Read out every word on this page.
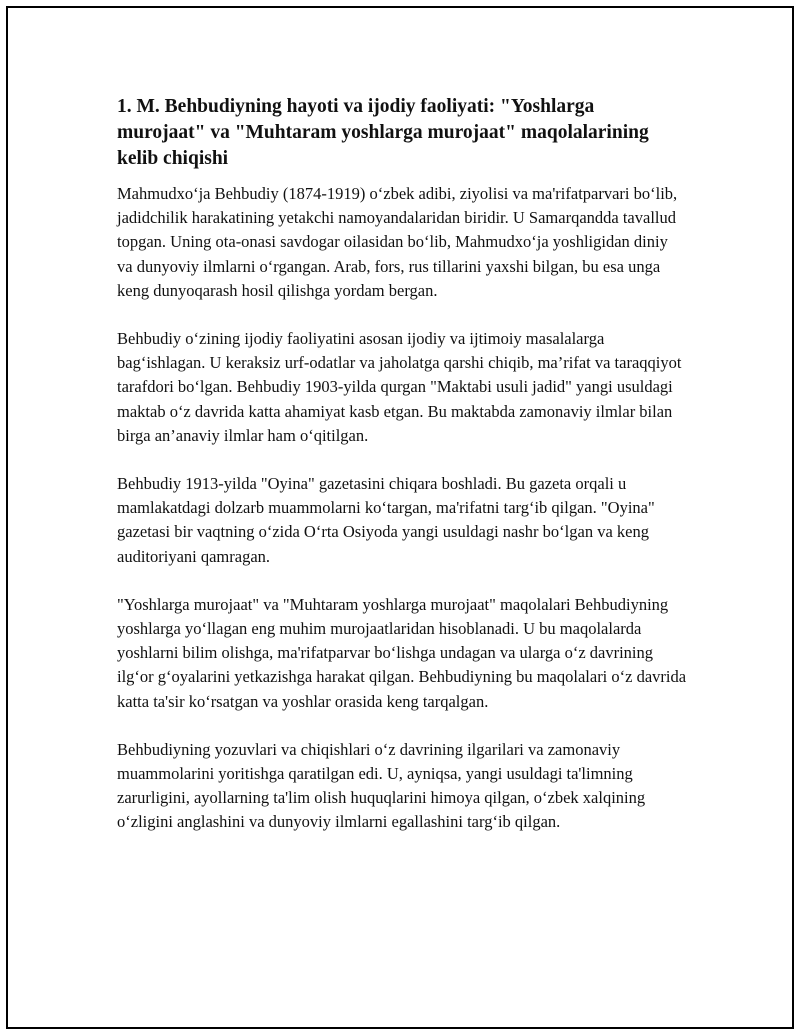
1. M. Behbudiyning hayoti va ijodiy faoliyati: "Yoshlarga murojaat" va "Muhtaram yoshlarga murojaat" maqolalarining kelib chiqishi

Mahmudxo‘ja Behbudiy (1874-1919) o‘zbek adibi, ziyolisi va ma'rifatparvari bo‘lib, jadidchilik harakatining yetakchi namoyandalaridan biridir. U Samarqandda tavallud topgan. Uning ota-onasi savdogar oilasidan bo‘lib, Mahmudxo‘ja yoshligidan diniy va dunyoviy ilmlarni o‘rgangan. Arab, fors, rus tillarini yaxshi bilgan, bu esa unga keng dunyoqarash hosil qilishga yordam bergan.

Behbudiy o‘zining ijodiy faoliyatini asosan ijodiy va ijtimoiy masalalarga bag‘ishlagan. U keraksiz urf-odatlar va jaholatga qarshi chiqib, ma’rifat va taraqqiyot tarafdori bo‘lgan. Behbudiy 1903-yilda qurgan "Maktabi usuli jadid" yangi usuldagi maktab o‘z davrida katta ahamiyat kasb etgan. Bu maktabda zamonaviy ilmlar bilan birga an’anaviy ilmlar ham o‘qitilgan.

Behbudiy 1913-yilda "Oyina" gazetasini chiqara boshladi. Bu gazeta orqali u mamlakatdagi dolzarb muammolarni ko‘targan, ma'rifatni targ‘ib qilgan. "Oyina" gazetasi bir vaqtning o‘zida O‘rta Osiyoda yangi usuldagi nashr bo‘lgan va keng auditoriyani qamragan.

"Yoshlarga murojaat" va "Muhtaram yoshlarga murojaat" maqolalari Behbudiyning yoshlarga yo‘llagan eng muhim murojaatlaridan hisoblanadi. U bu maqolalarda yoshlarni bilim olishga, ma'rifatparvar bo‘lishga undagan va ularga o‘z davrining ilg‘or g‘oyalarini yetkazishga harakat qilgan. Behbudiyning bu maqolalari o‘z davrida katta ta'sir ko‘rsatgan va yoshlar orasida keng tarqalgan.

Behbudiyning yozuvlari va chiqishlari o‘z davrining ilgarilari va zamonaviy muammolarini yoritishga qaratilgan edi. U, ayniqsa, yangi usuldagi ta'limning zarurligini, ayollarning ta'lim olish huquqlarini himoya qilgan, o‘zbek xalqining o‘zligini anglashini va dunyoviy ilmlarni egallashini targ‘ib qilgan.
